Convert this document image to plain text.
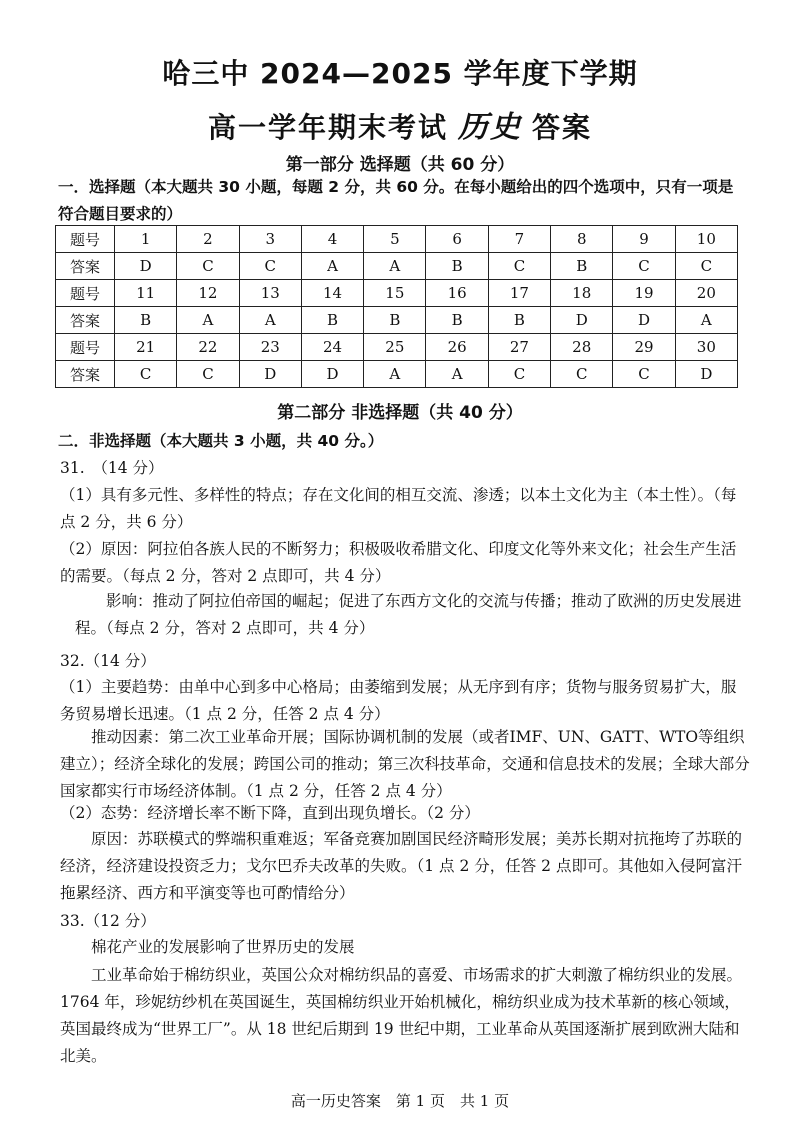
哈三中 2024—2025 学年度下学期
高一学年期末考试 历史 答案
第一部分 选择题（共 60 分）
一．选择题（本大题共 30 小题，每题 2 分，共 60 分。在每小题给出的四个选项中，只有一项是符合题目要求的）
题号	1	2	3	4	5	6	7	8	9	10
答案	D	C	C	A	A	B	C	B	C	C
题号	11	12	13	14	15	16	17	18	19	20
答案	B	A	A	B	B	B	B	D	D	A
题号	21	22	23	24	25	26	27	28	29	30
答案	C	C	D	D	A	A	C	C	C	D
第二部分 非选择题（共 40 分）
二．非选择题（本大题共 3 小题，共 40 分。）
31.　（14 分）

（1）具有多元性、多样性的特点；存在文化间的相互交流、渗透；以本土文化为主（本土性）。（每点 2 分，共 6 分）

（2）原因：阿拉伯各族人民的不断努力；积极吸收希腊文化、印度文化等外来文化；社会生产生活的需要。（每点 2 分，答对 2 点即可，共 4 分）

影响：推动了阿拉伯帝国的崛起；促进了东西方文化的交流与传播；推动了欧洲的历史发展进程。（每点 2 分，答对 2 点即可，共 4 分）

32.（14 分）

（1）主要趋势：由单中心到多中心格局；由萎缩到发展；从无序到有序；货物与服务贸易扩大，服务贸易增长迅速。（1 点 2 分，任答 2 点 4 分）

推动因素：第二次工业革命开展；国际协调机制的发展（或者IMF、UN、GATT、WTO等组织建立）；经济全球化的发展；跨国公司的推动；第三次科技革命，交通和信息技术的发展；全球大部分国家都实行市场经济体制。（1 点 2 分，任答 2 点 4 分）

（2）态势：经济增长率不断下降，直到出现负增长。（2 分）

原因：苏联模式的弊端积重难返；军备竞赛加剧国民经济畸形发展；美苏长期对抗拖垮了苏联的经济，经济建设投资乏力；戈尔巴乔夫改革的失败。（1 点 2 分，任答 2 点即可。其他如入侵阿富汗拖累经济、西方和平演变等也可酌情给分）

33.（12 分）

棉花产业的发展影响了世界历史的发展

工业革命始于棉纺织业，英国公众对棉纺织品的喜爱、市场需求的扩大刺激了棉纺织业的发展。1764 年，珍妮纺纱机在英国诞生，英国棉纺织业开始机械化，棉纺织业成为技术革新的核心领域，英国最终成为“世界工厂”。从 18 世纪后期到 19 世纪中期，工业革命从英国逐渐扩展到欧洲大陆和北美。

高一历史答案　第 1 页　共 1 页
